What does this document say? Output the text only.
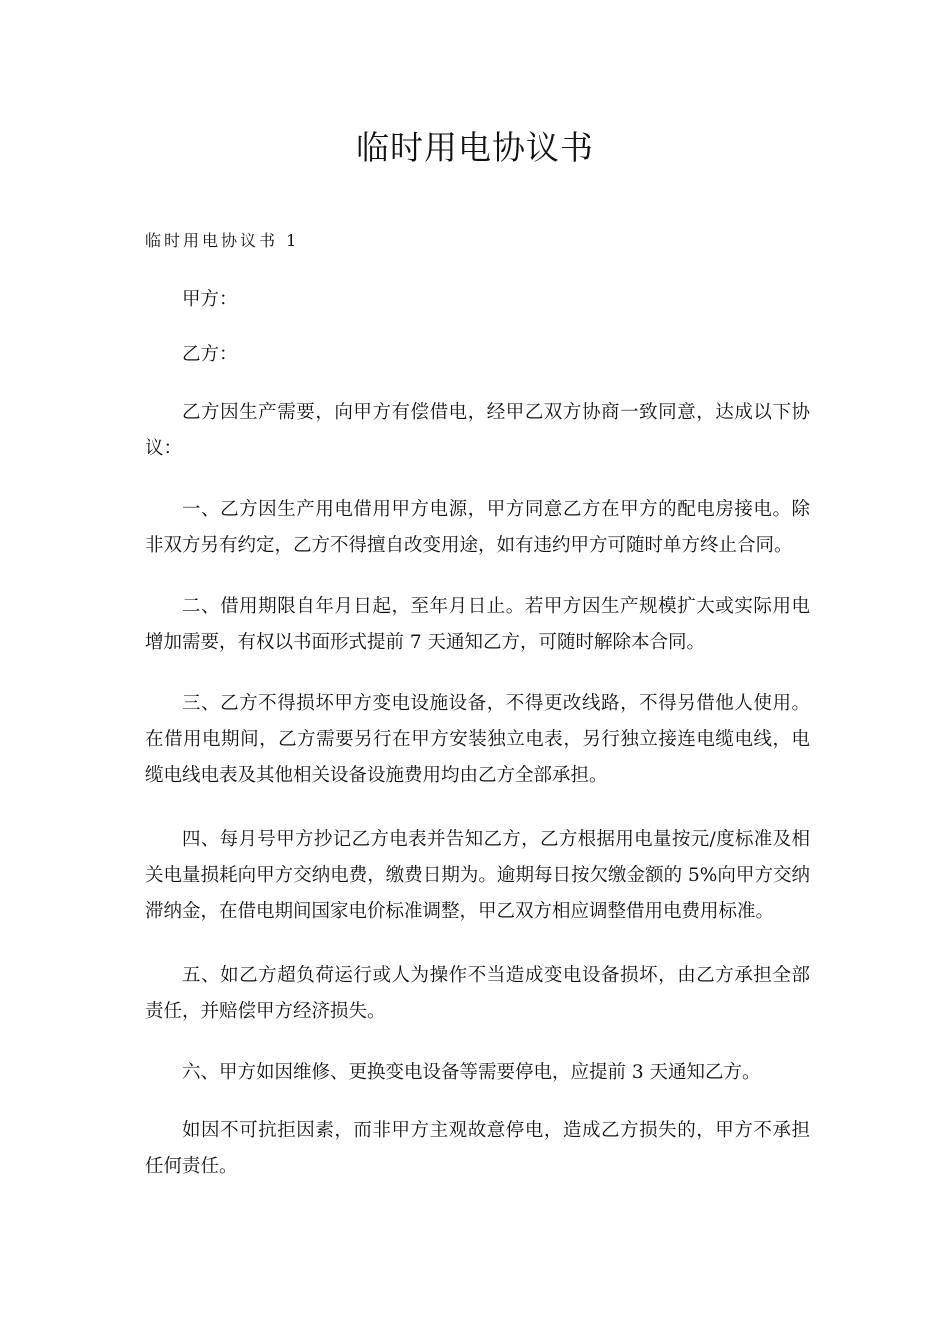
临时用电协议书
临时用电协议书 1

甲方：

乙方：

乙方因生产需要，向甲方有偿借电，经甲乙双方协商一致同意，达成以下协议：

一、乙方因生产用电借用甲方电源，甲方同意乙方在甲方的配电房接电。除非双方另有约定，乙方不得擅自改变用途，如有违约甲方可随时单方终止合同。

二、借用期限自年月日起，至年月日止。若甲方因生产规模扩大或实际用电增加需要，有权以书面形式提前 7 天通知乙方，可随时解除本合同。

三、乙方不得损坏甲方变电设施设备，不得更改线路，不得另借他人使用。在借用电期间，乙方需要另行在甲方安装独立电表，另行独立接连电缆电线，电缆电线电表及其他相关设备设施费用均由乙方全部承担。

四、每月号甲方抄记乙方电表并告知乙方，乙方根据用电量按元/度标准及相关电量损耗向甲方交纳电费，缴费日期为。逾期每日按欠缴金额的 5%向甲方交纳滞纳金，在借电期间国家电价标准调整，甲乙双方相应调整借用电费用标准。

五、如乙方超负荷运行或人为操作不当造成变电设备损坏，由乙方承担全部责任，并赔偿甲方经济损失。

六、甲方如因维修、更换变电设备等需要停电，应提前 3 天通知乙方。

如因不可抗拒因素，而非甲方主观故意停电，造成乙方损失的，甲方不承担任何责任。
